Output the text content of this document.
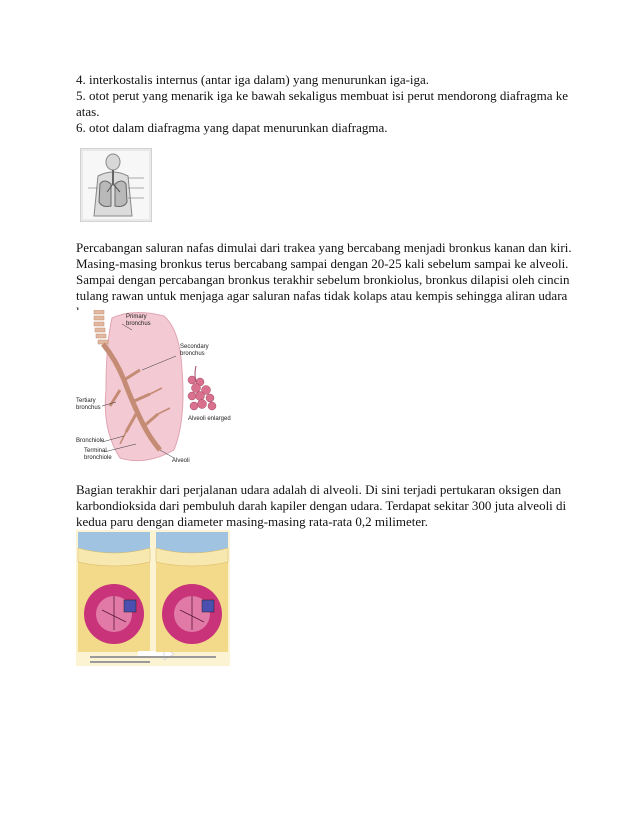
4. interkostalis internus (antar iga dalam) yang menurunkan iga-iga.
5. otot perut yang menarik iga ke bawah sekaligus membuat isi perut mendorong diafragma ke
atas.
6. otot dalam diafragma yang dapat menurunkan diafragma.
Percabangan saluran nafas dimulai dari trakea yang bercabang menjadi bronkus kanan dan kiri.
Masing-masing bronkus terus bercabang sampai dengan 20-25 kali sebelum sampai ke alveoli.
Sampai dengan percabangan bronkus terakhir sebelum bronkiolus, bronkus dilapisi oleh cincin
tulang rawan untuk menjaga agar saluran nafas tidak kolaps atau kempis sehingga aliran udara
Primary bronchus
Secondary bronchus
Tertiary bronchus
Bronchiole
Terminal bronchiole	Alveoli
Alveoli enlarged
Bagian terakhir dari perjalanan udara adalah di alveoli. Di sini terjadi pertukaran oksigen dan
karbondioksida dari pembuluh darah kapiler dengan udara. Terdapat sekitar 300 juta alveoli di
kedua paru dengan diameter masing-masing rata-rata 0,2 milimeter.
